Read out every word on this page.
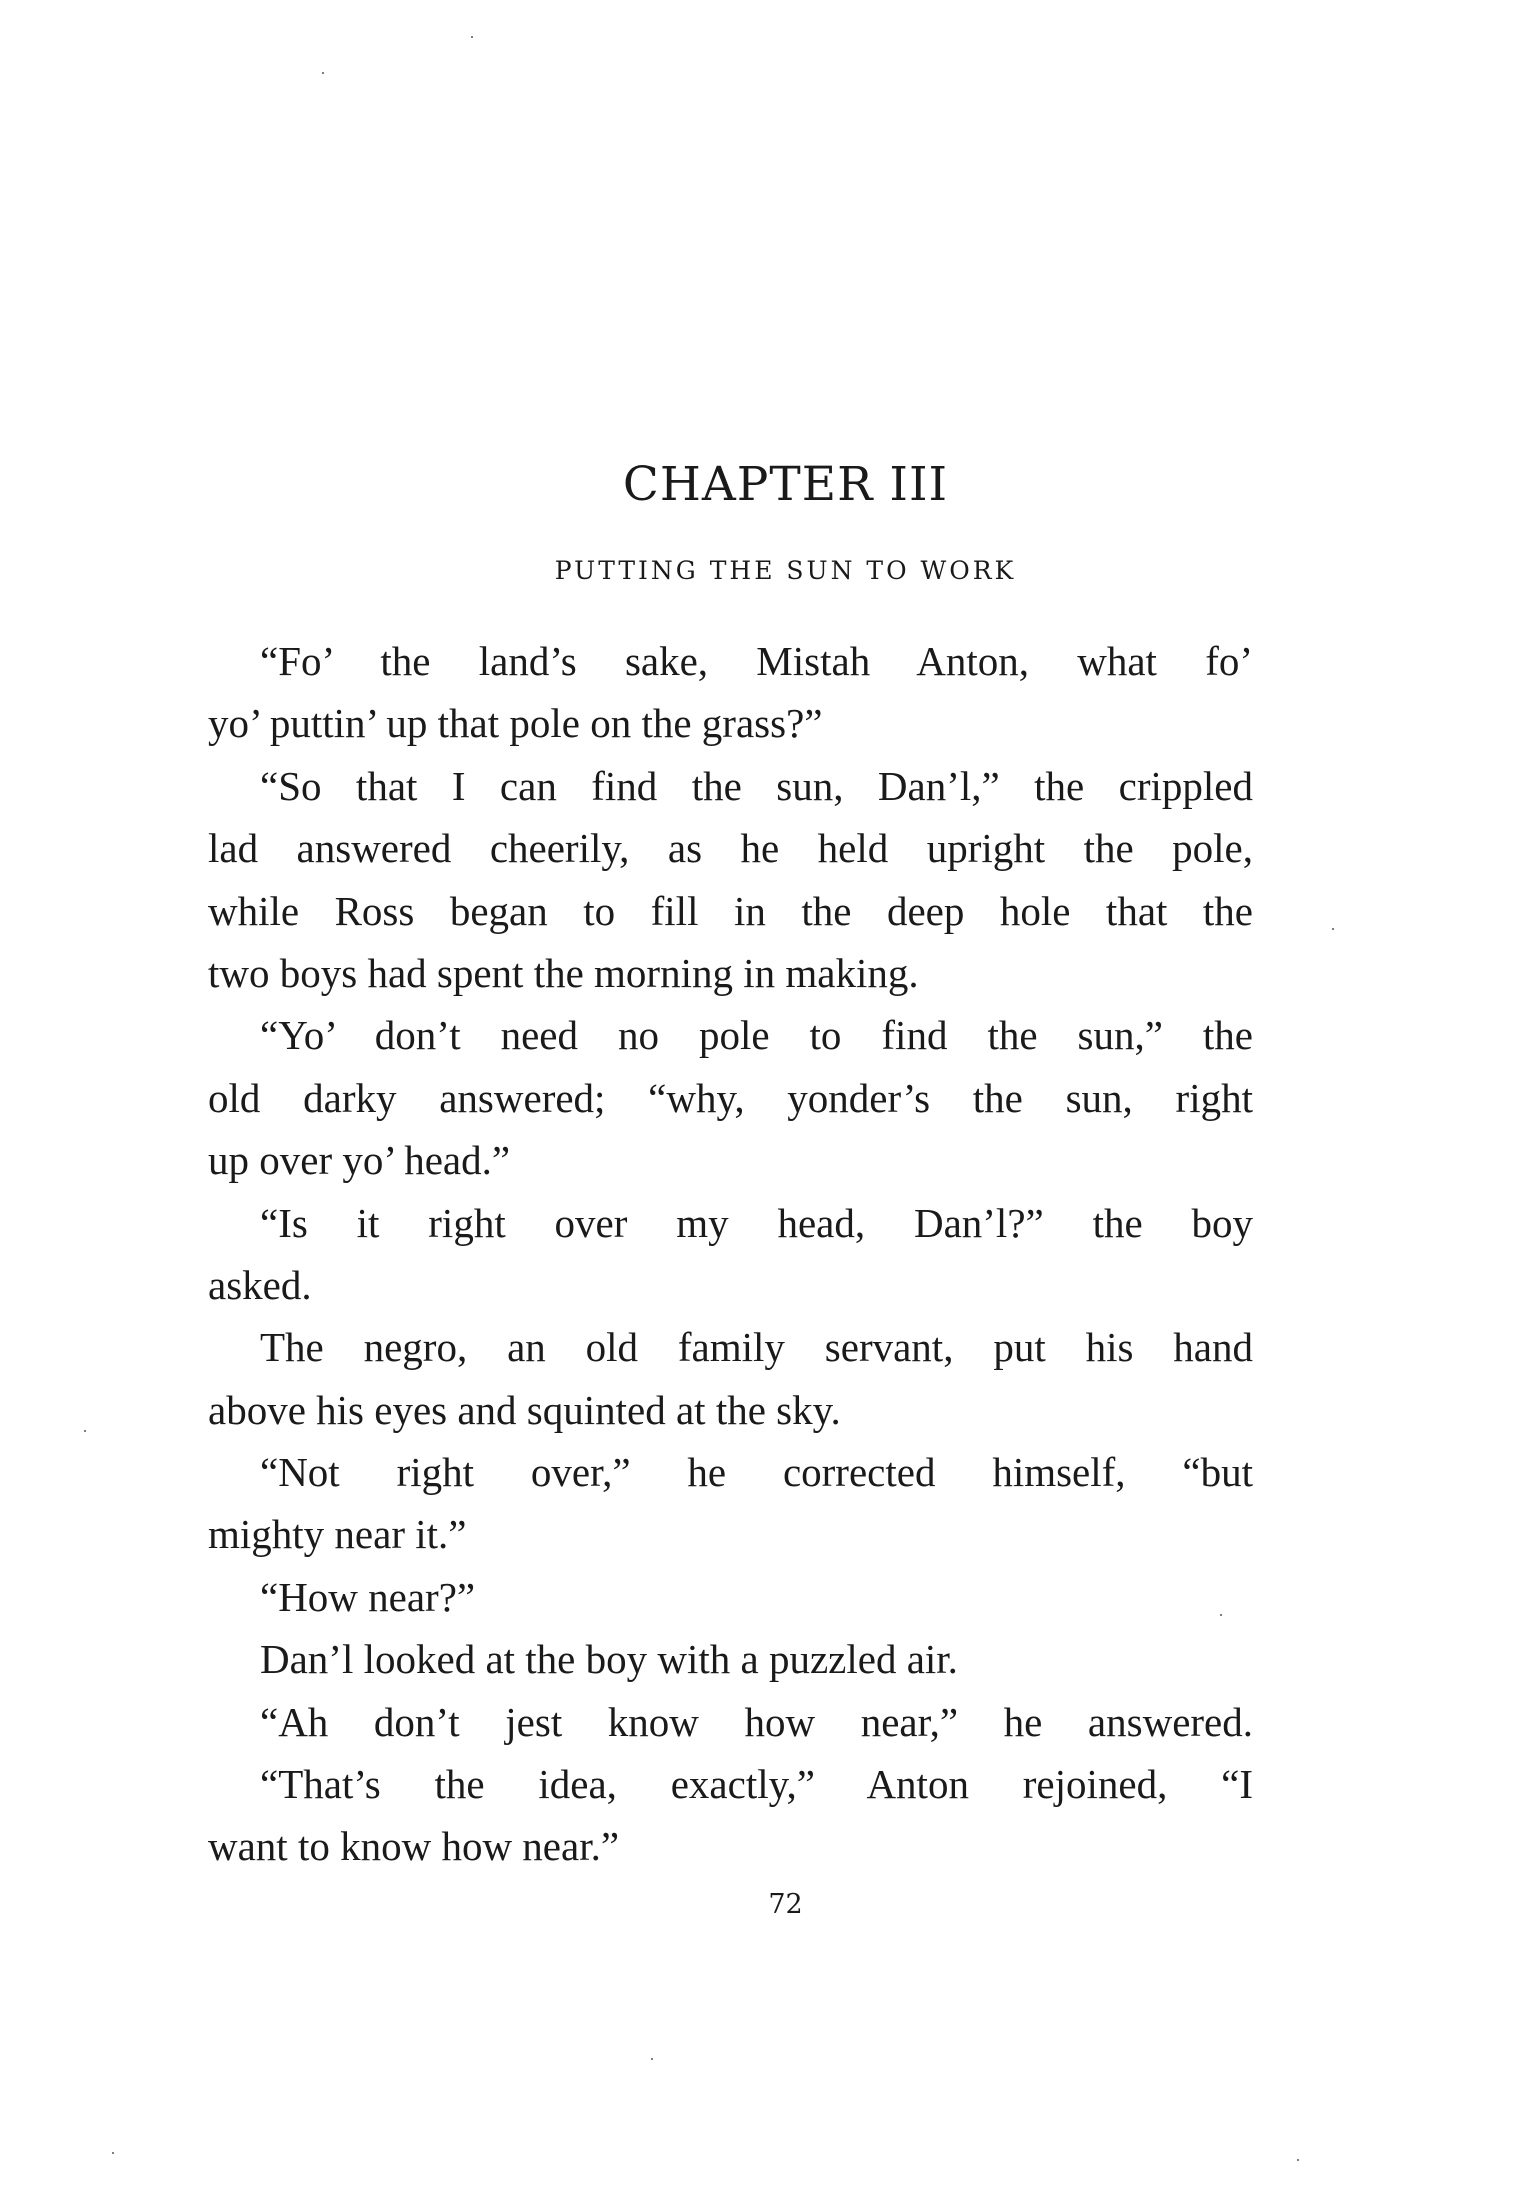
CHAPTER III
PUTTING THE SUN TO WORK
“Fo’ the land’s sake, Mistah Anton, what fo’
yo’ puttin’ up that pole on the grass?”
“So that I can find the sun, Dan’l,” the crippled
lad answered cheerily, as he held upright the pole,
while Ross began to fill in the deep hole that the
two boys had spent the morning in making.
“Yo’ don’t need no pole to find the sun,” the
old darky answered; “why, yonder’s the sun, right
up over yo’ head.”
“Is it right over my head, Dan’l?” the boy
asked.
The negro, an old family servant, put his hand
above his eyes and squinted at the sky.
“Not right over,” he corrected himself, “but
mighty near it.”
“How near?”
Dan’l looked at the boy with a puzzled air.
“Ah don’t jest know how near,” he answered.
“That’s the idea, exactly,” Anton rejoined, “I
want to know how near.”
72
